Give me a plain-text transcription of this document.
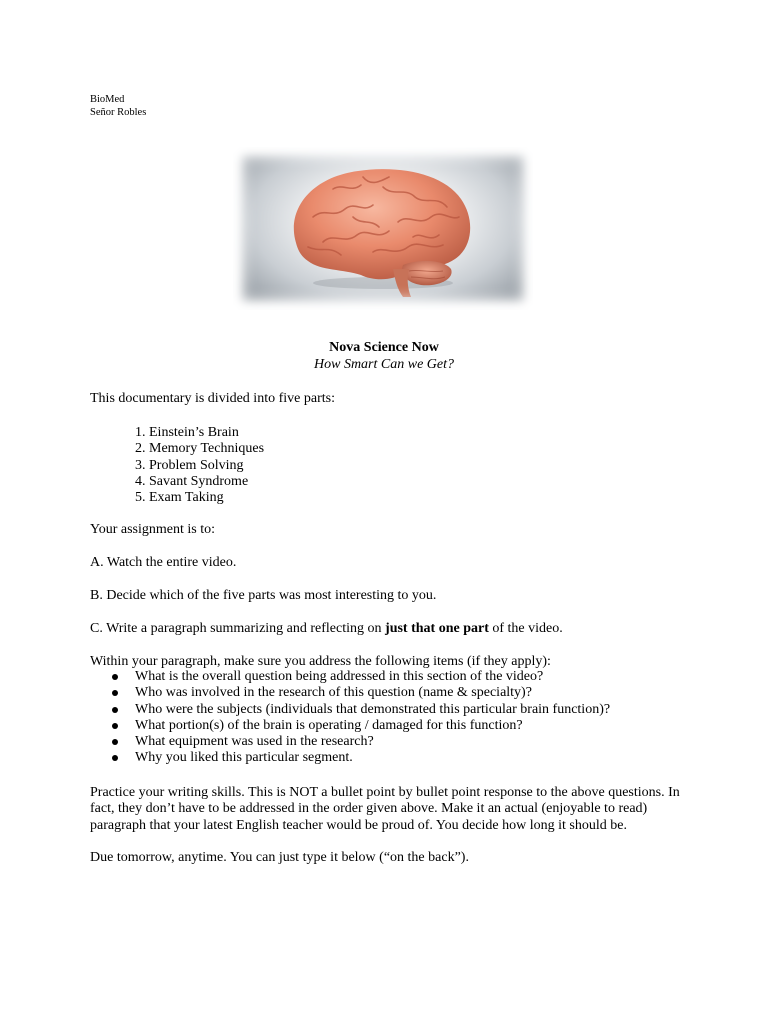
BioMed
Señor Robles
Nova Science Now
How Smart Can we Get?
This documentary is divided into five parts:
1. Einstein’s Brain
2. Memory Techniques
3. Problem Solving
4. Savant Syndrome
5. Exam Taking
Your assignment is to:
A. Watch the entire video.
B. Decide which of the five parts was most interesting to you.
C. Write a paragraph summarizing and reflecting on just that one part of the video.
Within your paragraph, make sure you address the following items (if they apply):
What is the overall question being addressed in this section of the video?
Who was involved in the research of this question (name & specialty)?
Who were the subjects (individuals that demonstrated this particular brain function)?
What portion(s) of the brain is operating / damaged for this function?
What equipment was used in the research?
Why you liked this particular segment.
Practice your writing skills. This is NOT a bullet point by bullet point response to the above questions. In fact, they don’t have to be addressed in the order given above. Make it an actual (enjoyable to read) paragraph that your latest English teacher would be proud of. You decide how long it should be.
Due tomorrow, anytime. You can just type it below (“on the back”).
